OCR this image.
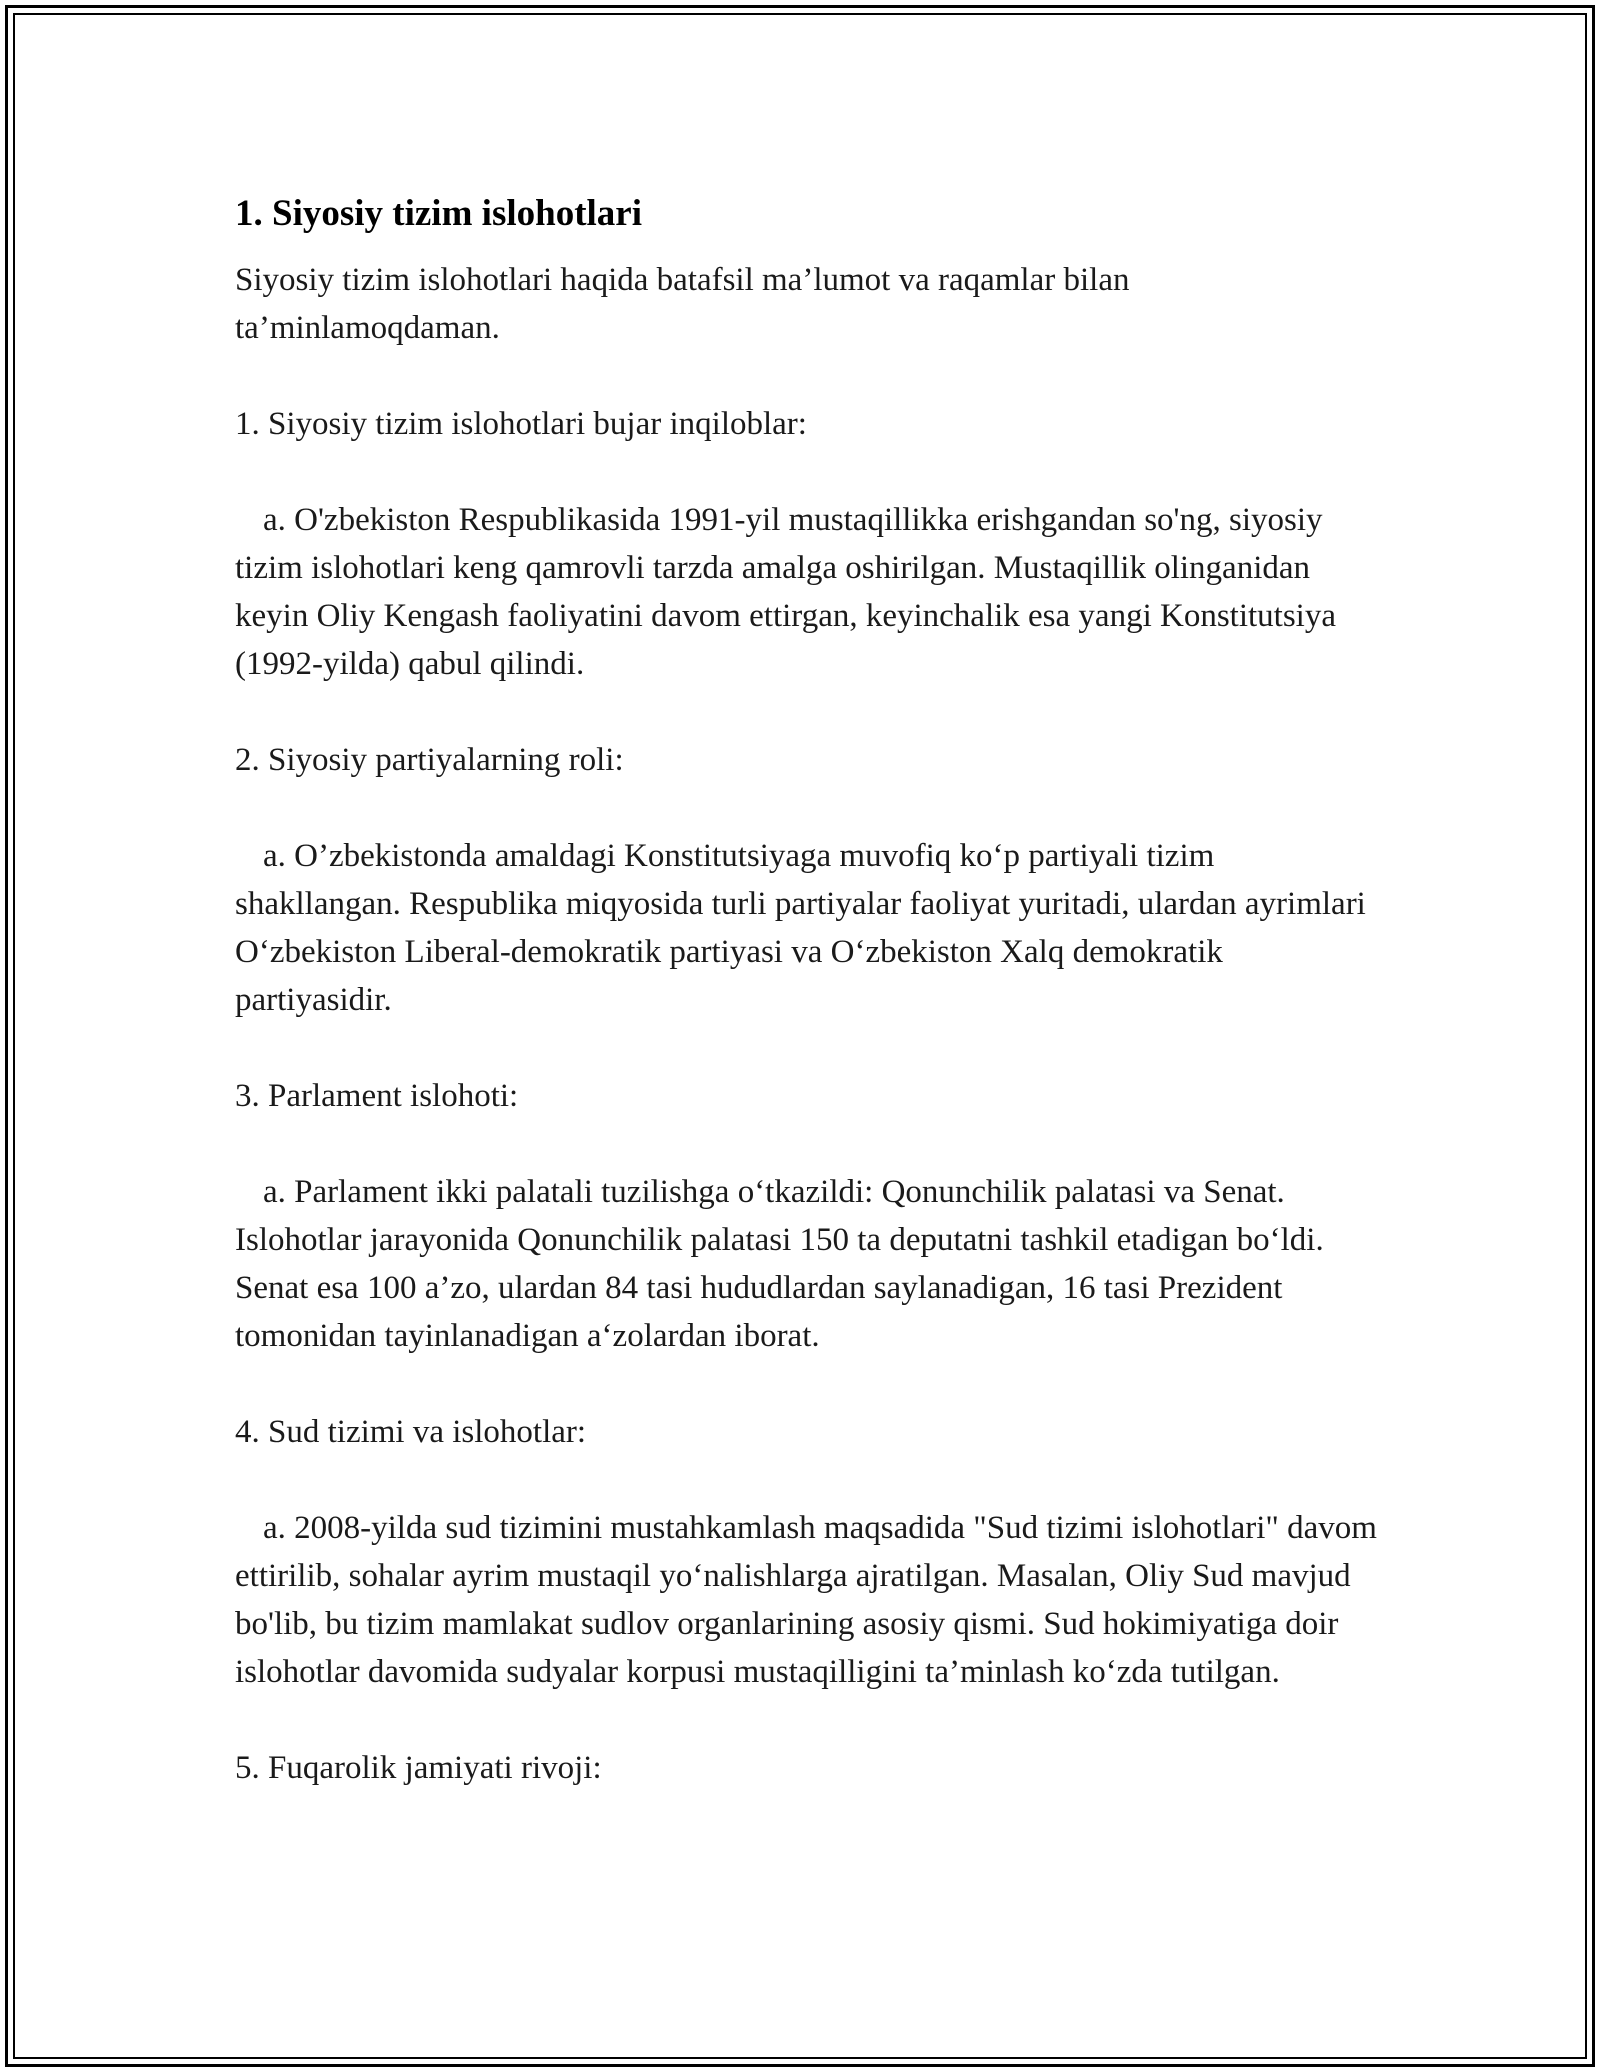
1. Siyosiy tizim islohotlari

Siyosiy tizim islohotlari haqida batafsil ma’lumot va raqamlar bilan
ta’minlamoqdaman.

1. Siyosiy tizim islohotlari bujar inqiloblar:

a. O'zbekiston Respublikasida 1991-yil mustaqillikka erishgandan so'ng, siyosiy tizim islohotlari keng qamrovli tarzda amalga oshirilgan. Mustaqillik olinganidan keyin Oliy Kengash faoliyatini davom ettirgan, keyinchalik esa yangi Konstitutsiya (1992-yilda) qabul qilindi.

2. Siyosiy partiyalarning roli:

a. O’zbekistonda amaldagi Konstitutsiyaga muvofiq ko‘p partiyali tizim shakllangan. Respublika miqyosida turli partiyalar faoliyat yuritadi, ulardan ayrimlari O‘zbekiston Liberal-demokratik partiyasi va O‘zbekiston Xalq demokratik partiyasidir.

3. Parlament islohoti:

a. Parlament ikki palatali tuzilishga o‘tkazildi: Qonunchilik palatasi va Senat. Islohotlar jarayonida Qonunchilik palatasi 150 ta deputatni tashkil etadigan bo‘ldi. Senat esa 100 a’zo, ulardan 84 tasi hududlardan saylanadigan, 16 tasi Prezident tomonidan tayinlanadigan a‘zolardan iborat.

4. Sud tizimi va islohotlar:

a. 2008-yilda sud tizimini mustahkamlash maqsadida "Sud tizimi islohotlari" davom ettirilib, sohalar ayrim mustaqil yo‘nalishlarga ajratilgan. Masalan, Oliy Sud mavjud bo'lib, bu tizim mamlakat sudlov organlarining asosiy qismi. Sud hokimiyatiga doir islohotlar davomida sudyalar korpusi mustaqilligini ta’minlash ko‘zda tutilgan.

5. Fuqarolik jamiyati rivoji:
